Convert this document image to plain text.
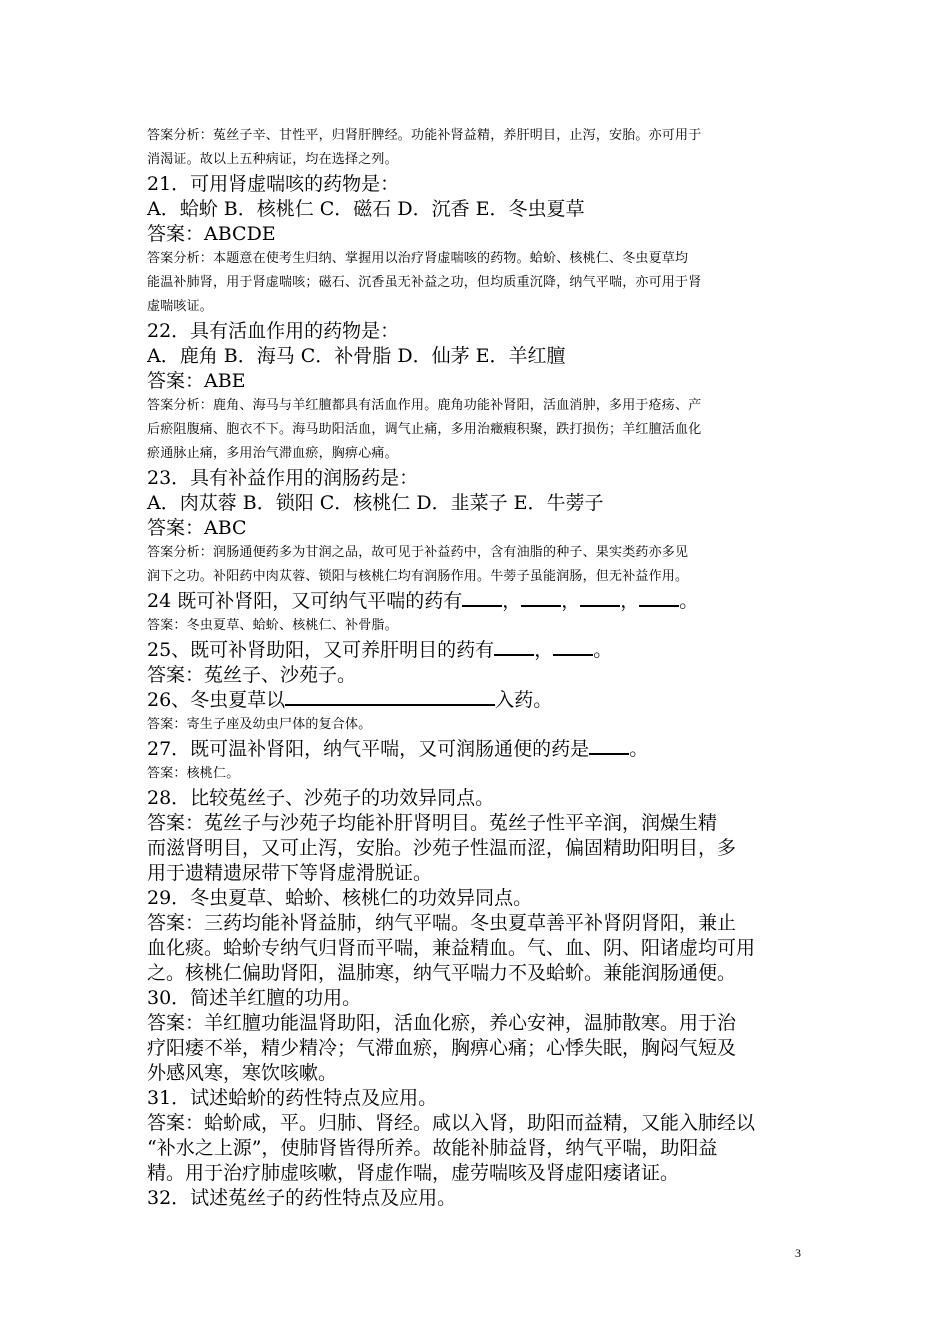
答案分析：菟丝子辛、甘性平，归肾肝脾经。功能补肾益精，养肝明目，止泻，安胎。亦可用于

消渴证。故以上五种病证，均在选择之列。

21．可用肾虚喘咳的药物是：

A．蛤蚧 B．核桃仁 C．磁石 D．沉香 E．冬虫夏草

答案：ABCDE

答案分析：本题意在使考生归纳、掌握用以治疗肾虚喘咳的药物。蛤蚧、核桃仁、冬虫夏草均

能温补肺肾，用于肾虚喘咳；磁石、沉香虽无补益之功，但均质重沉降，纳气平喘，亦可用于肾

虚喘咳证。

22．具有活血作用的药物是：

A．鹿角 B．海马 C．补骨脂 D．仙茅 E．羊红膻

答案：ABE

答案分析：鹿角、海马与羊红膻都具有活血作用。鹿角功能补肾阳，活血消肿，多用于疮疡、产

后瘀阻腹痛、胞衣不下。海马助阳活血，调气止痛，多用治癥瘕积聚，跌打损伤；羊红膻活血化

瘀通脉止痛，多用治气滞血瘀，胸痹心痛。

23．具有补益作用的润肠药是：

A．肉苁蓉 B．锁阳 C．核桃仁 D．韭菜子 E．牛蒡子

答案：ABC

答案分析：润肠通便药多为甘润之品，故可见于补益药中，含有油脂的种子、果实类药亦多见

润下之功。补阳药中肉苁蓉、锁阳与核桃仁均有润肠作用。牛蒡子虽能润肠，但无补益作用。

24 既可补肾阳，又可纳气平喘的药有 ， ， ， 。

答案：冬虫夏草、蛤蚧、核桃仁、补骨脂。

25、既可补肾助阳，又可养肝明目的药有 ， 。

答案：菟丝子、沙苑子。

26、冬虫夏草以	入药。

答案：寄生子座及幼虫尸体的复合体。

27．既可温补肾阳，纳气平喘，又可润肠通便的药是 。

答案：核桃仁。

28．比较菟丝子、沙苑子的功效异同点。

答案：菟丝子与沙苑子均能补肝肾明目。菟丝子性平辛润，润燥生精

而滋肾明目，又可止泻，安胎。沙苑子性温而涩，偏固精助阳明目，多

用于遗精遗尿带下等肾虚滑脱证。

29．冬虫夏草、蛤蚧、核桃仁的功效异同点。

答案：三药均能补肾益肺，纳气平喘。冬虫夏草善平补肾阴肾阳，兼止

血化痰。蛤蚧专纳气归肾而平喘，兼益精血。气、血、阴、阳诸虚均可用

之。核桃仁偏助肾阳，温肺寒，纳气平喘力不及蛤蚧。兼能润肠通便。

30．简述羊红膻的功用。

答案：羊红膻功能温肾助阳，活血化瘀，养心安神，温肺散寒。用于治

疗阳痿不举，精少精冷；气滞血瘀，胸痹心痛；心悸失眠，胸闷气短及

外感风寒，寒饮咳嗽。

31．试述蛤蚧的药性特点及应用。

答案：蛤蚧咸，平。归肺、肾经。咸以入肾，助阳而益精，又能入肺经以

“补水之上源”，使肺肾皆得所养。故能补肺益肾，纳气平喘，助阳益

精。用于治疗肺虚咳嗽，肾虚作喘，虚劳喘咳及肾虚阳痿诸证。

32．试述菟丝子的药性特点及应用。

3
